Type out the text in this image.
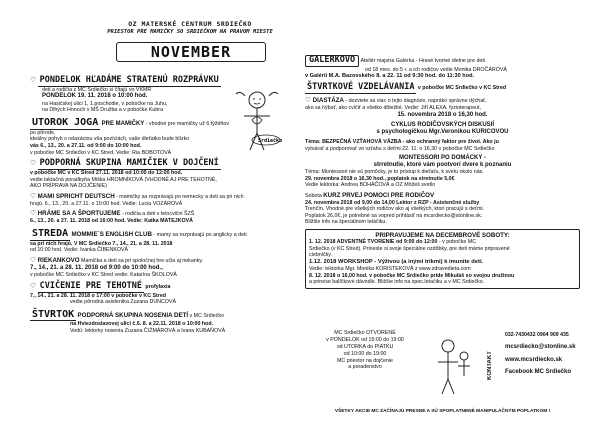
OZ MATERSKÉ CENTRUM SRDIEČKO
PRIESTOR PRE MAMIČKY SO SRDIEČKOM NA PRAVOM MIESTE
NOVEMBER
Srdiečko
♡ PONDELOK HĽADÁME STRATENÚ ROZPRÁVKU
deti a rodičia z MC Srdiečko si čítajú vo VKMR
PONDELOK 19. 11. 2018 o 10:00 hod.
na Hasičskej ulici 1, 1.poschodie, v pobočke na Juhu,
na Dlhých Honoch v MŠ Družba a v pobočke Kubra
UTOROK JOGA PRE MAMIČKY - vhodné pre mamičky už 6 týždňov po pôrode,
ideálny pohyb s relaxáciou vša pozíciách, vaše dieťatko bude blízko
vás 6., 13., 20. a 27.11. od 9:00 do 10:00 hod.
v pobočke MC Srdiečko v KC Stred. Vedie: Ria BOBOTOVÁ
♡ PODPORNÁ SKUPINA MAMIČIEK V DOJČENÍ
v pobočke MC v KC Stred 27.11. 2018 od 10:00 do 12:00 hod.
vedie laktačná poradkyňa Miška HROMNÍKOVÁ (VHODNÉ AJ PRE TEHOTNÉ,
AKO PRÍPRAVA NA DOJČENIE)
♡ MAMI SPRICHT DEUTSCH - mamičky sa rozprávajú po nemecky a deti sa pri nich
hrajú. 6., 13., 20. a 27.11. o 10:00 hod. Vedie: Lucia VOZÁROVÁ
♡ HRÁME SA A ŠPORTUJEME - rodičia a deti v telocvični ŠZŠ
6., 13., 20. a 27. 11. 2018 od 16:00 hod. Vedie: Katka MATEJKOVÁ
STREDA MOMMIE´S ENGLISH CLUB - mamy sa rozprávajú po anglicky a deti
sa pri nich hrajú. V MC Srdiečko 7., 14., 21. a 28. 11. 2018
od 10:00 hod. Vedie: Ivanka ČÍBENKOVÁ
♡ RIEKANKOVO Mamička a deti sa pri spoločnej hre učia aj riekanky.
7., 14., 21. a 28. 11. 2018 od 9:00 do 10:00 hod.,
v pobočke MC Srdiečko v KC Stred vedie: Katarína ŠKOLOVÁ
♡ CVIČENIE PRE TEHOTNÉ profylaxia
7., 14., 21. a 28. 11. 2018 o 17:00 v pobočke v KC Stred
vedie pôrodná asistentka Zuzana DUNCOVÁ
ŠTVRTOK PODPORNÁ SKUPINA NOSENIA DETÍ v MC Srdiečko
na Hviezdoslavovej ulici č.6. 8. a 22.11. 2018 o 10:00 hod.
Vedú: lektorky nosenia Zuzana ČIŽMÁROVÁ a Ivana KUBAŇOVÁ
GALERKOVO Ateliér majstra Galérka - Hravé tvorivé dielne pre deti
od 18 mes. do 5 r. a ich rodičov vedie Monika DROČÁROVÁ
v Galérii M.A. Bazovského 8. a 22. 11 od 9:30 hod. do 11:30 hod.
ŠTVRTKOVÉ VZDELÁVANIA v pobočke MC Srdiečko v KC Stred
♡ DIASTÁZA - dozviete sa viac o tejto diagnóze, naprákо správne dýchať,
ako sa hýbať, ako cvičiť a všetko dôležité. Vedie: Jiří ALEXA, fyzioterapeut,
15. novembra 2018 o 16,30 hod.
CYKLUS RODIČOVSKÝCH DISKUSIÍ
s psychologičkou Mgr.Veronikou KURICOVOU
Téma: BEZPEČNÁ VZŤAHOVÁ VÄZBA - ako ochranný faktor pre život. Ako ju
vytvárať a podporovať vo vzťahu s deťmi 22. 11. o 16,30 v pobočke MC Srdiečko
MONTESSORI PO DOMÁCKY -
strretnutie, ktoré vám pootvorí dvere k poznaniu
Téma: Montessori nie sú pomôcky, je to prístup k dieťaťu, k svetu okolo nás.
29. novembra 2018 o 16,30 hod., poplatok na stretnutie 5,0€
Vedie lektorka: Andrea BOHÁČOVÁ a OZ Môžeš svetlo
Sobota KURZ PRVEJ POMOCI PRE RODIČOV
24. novembra 2018 od 9,00 do 14,00 Lektor z RZP - Asistenčné služby
Trenčín. Vhodné pre všetkých rodičov ako aj všetkých, ktorí pracujú s deťmi.
Poplatok 26,0€, je potrebné sa vopred prihlásiť na mcsrdiecko@stonline.sk.
Bližšie info na špeciálnom letáčiku.
PRIPRAVUJEME NA DECEMBROVÉ SOBOTY:
1. 12. 2018 ADVENTNÉ TVORENIE od 9:00 do 12:00 - v pobočke MC
Srdiečko (v KC Stred). Prineste si svoje špeciálne ozdôbky, pre deti máme pripravené
ciebníčky.
1.12. 2018 WORKSHOP - Výživou (a inými trikmi) k imunite detí.
Vedie: lektorka Mgr. Monika KORISTEKOVÁ z www.zdravedieta.com
8. 12. 2018 o 16,00 hod. v pobočke MC Srdiečko príde Mikuláš so svojou družinou
a prinese balíčkové dávodle. Bližšie info na spec.letačiku a v MC Srdiečko.
MC Srdiečko OTVORENÉ
v PONDELOK od 15:00 do 19:00
od UTORKA do PIATKU
od 10:00 do 19:00
MC priestor na dojčenie
a poradenstvo	KONTAKT
032-7430432 0904 909 435
mcsrdiecko@stonline.sk
www.mcsrdiecko.sk
Facebook MC Srdiečko
VŠETKY AKCIE MC ZAČÍNAJÚ PRESNE A SÚ SPOPLATNENÉ MANIPULAČNÝM POPLATKOM !
